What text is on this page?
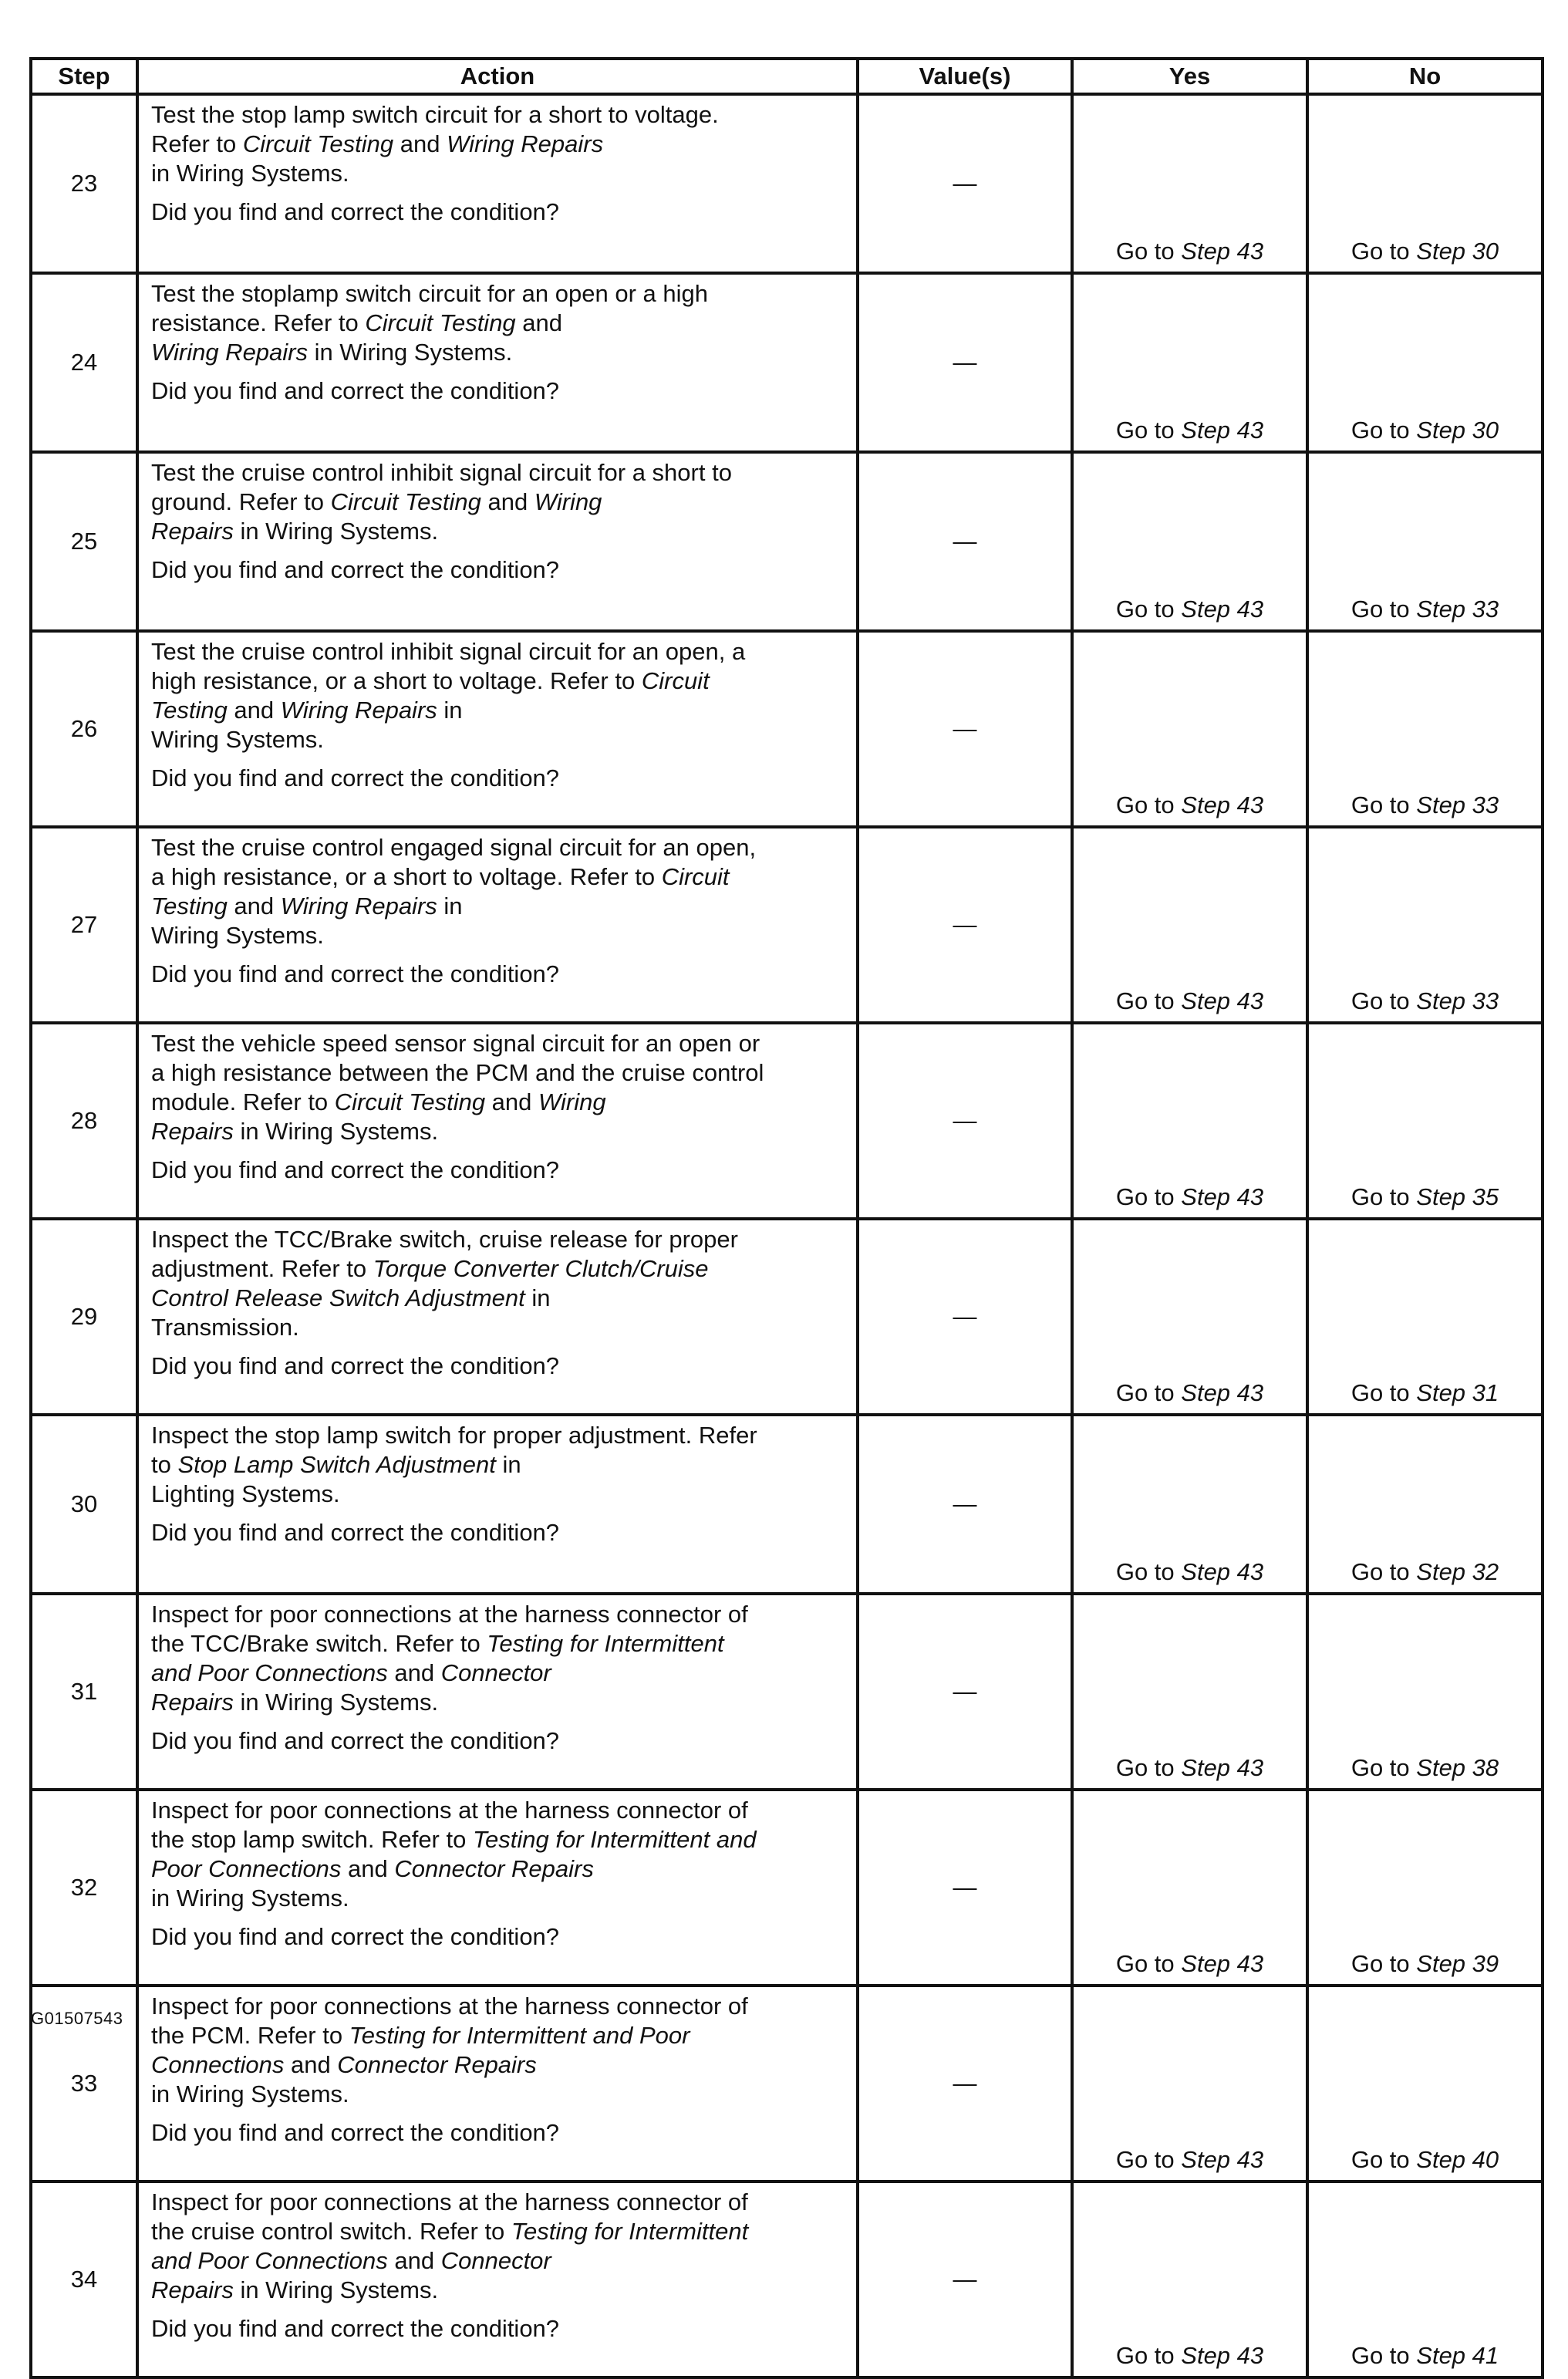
Step	Action	Value(s)	Yes	No
23	Test the stop lamp switch circuit for a short to voltage.
Refer to Circuit Testing and Wiring Repairs
in Wiring Systems.

Did you find and correct the condition?	—	Go to Step 43	Go to Step 30
24	Test the stoplamp switch circuit for an open or a high
resistance. Refer to Circuit Testing and
Wiring Repairs in Wiring Systems.

Did you find and correct the condition?	—	Go to Step 43	Go to Step 30
25	Test the cruise control inhibit signal circuit for a short to
ground. Refer to Circuit Testing and Wiring
Repairs in Wiring Systems.

Did you find and correct the condition?	—	Go to Step 43	Go to Step 33
26	Test the cruise control inhibit signal circuit for an open, a
high resistance, or a short to voltage. Refer to Circuit
Testing and Wiring Repairs in
Wiring Systems.

Did you find and correct the condition?	—	Go to Step 43	Go to Step 33
27	Test the cruise control engaged signal circuit for an open,
a high resistance, or a short to voltage. Refer to Circuit
Testing and Wiring Repairs in
Wiring Systems.

Did you find and correct the condition?	—	Go to Step 43	Go to Step 33
28	Test the vehicle speed sensor signal circuit for an open or
a high resistance between the PCM and the cruise control
module. Refer to Circuit Testing and Wiring
Repairs in Wiring Systems.

Did you find and correct the condition?	—	Go to Step 43	Go to Step 35
29	Inspect the TCC/Brake switch, cruise release for proper
adjustment. Refer to Torque Converter Clutch/Cruise
Control Release Switch Adjustment in
Transmission.

Did you find and correct the condition?	—	Go to Step 43	Go to Step 31
30	Inspect the stop lamp switch for proper adjustment. Refer
to Stop Lamp Switch Adjustment in
Lighting Systems.

Did you find and correct the condition?	—	Go to Step 43	Go to Step 32
31	Inspect for poor connections at the harness connector of
the TCC/Brake switch. Refer to Testing for Intermittent
and Poor Connections and Connector
Repairs in Wiring Systems.

Did you find and correct the condition?	—	Go to Step 43	Go to Step 38
32	Inspect for poor connections at the harness connector of
the stop lamp switch. Refer to Testing for Intermittent and
Poor Connections and Connector Repairs
in Wiring Systems.

Did you find and correct the condition?	—	Go to Step 43	Go to Step 39
33	Inspect for poor connections at the harness connector of
the PCM. Refer to Testing for Intermittent and Poor
Connections and Connector Repairs
in Wiring Systems.

Did you find and correct the condition?	—	Go to Step 43	Go to Step 40
34	Inspect for poor connections at the harness connector of
the cruise control switch. Refer to Testing for Intermittent
and Poor Connections and Connector
Repairs in Wiring Systems.

Did you find and correct the condition?	—	Go to Step 43	Go to Step 41
G01507543
